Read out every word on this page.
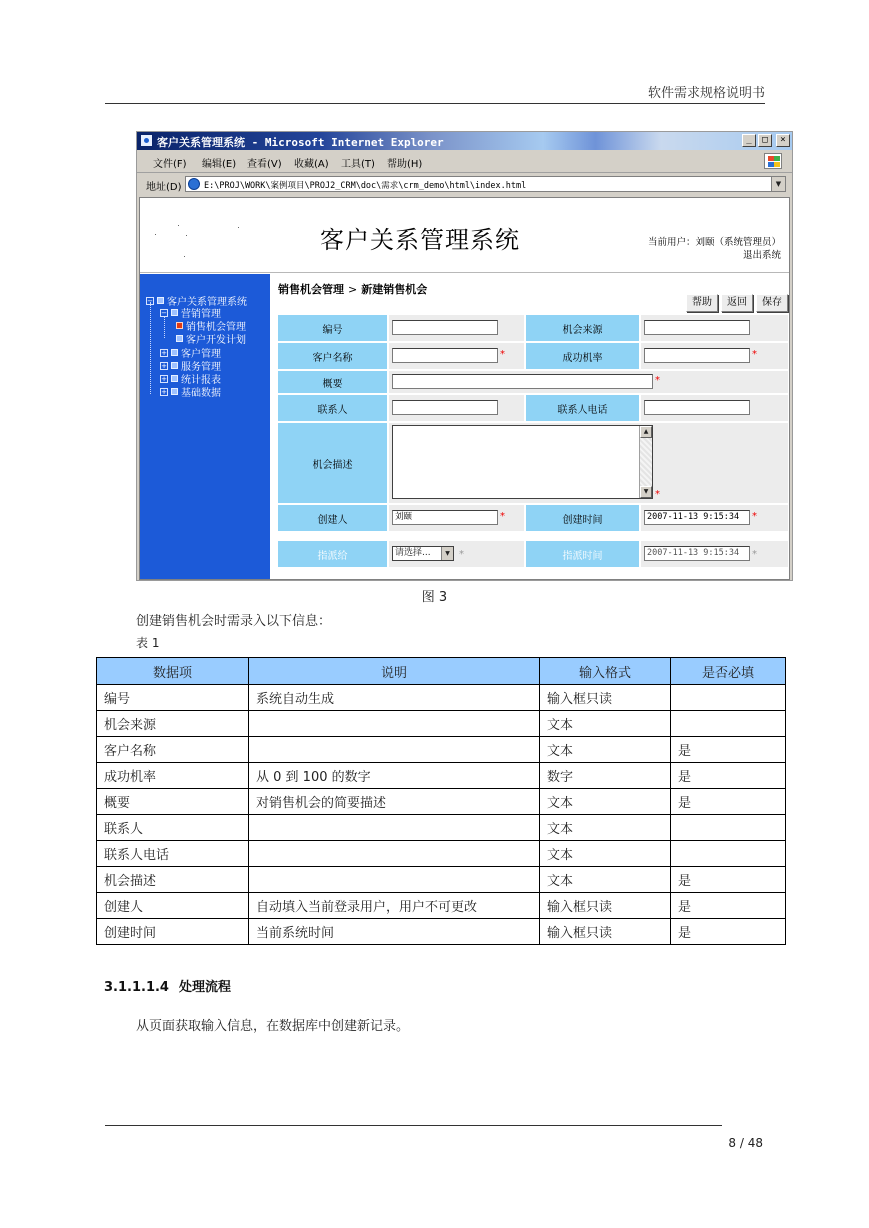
软件需求规格说明书
客户关系管理系统 - Microsoft Internet Explorer	_	□	×
文件(F) 编辑(E) 查看(V) 收藏(A) 工具(T) 帮助(H)
地址(D)	E:\PROJ\WORK\案例项目\PROJ2_CRM\doc\需求\crm_demo\html\index.html	▼
客户关系管理系统	当前用户：刘颐（系统管理员）
退出系统
− 客户关系管理系统
− 营销管理
销售机会管理
客户开发计划
+ 客户管理
+ 服务管理
+ 统计报表
+ 基础数据
销售机会管理 > 新建销售机会
帮助	返回	保存
编号	机会来源
客户名称	*	成功机率	*
概要	*
联系人	联系人电话
机会描述
▲
▼ *
创建人	刘颐	*	创建时间	2007-11-13 9:15:34	*
指派给	请选择...	▼ *	指派时间	2007-11-13 9:15:34	*
图 3
创建销售机会时需录入以下信息：
表 1
数据项	说明	输入格式	是否必填
编号	系统自动生成	输入框只读	
机会来源		文本	
客户名称		文本	是
成功机率	从 0 到 100 的数字	数字	是
概要	对销售机会的简要描述	文本	是
联系人		文本	
联系人电话		文本	
机会描述		文本	是
创建人	自动填入当前登录用户，用户不可更改	输入框只读	是
创建时间	当前系统时间	输入框只读	是
3.1.1.1.4 处理流程
从页面获取输入信息，在数据库中创建新记录。
8 / 48
